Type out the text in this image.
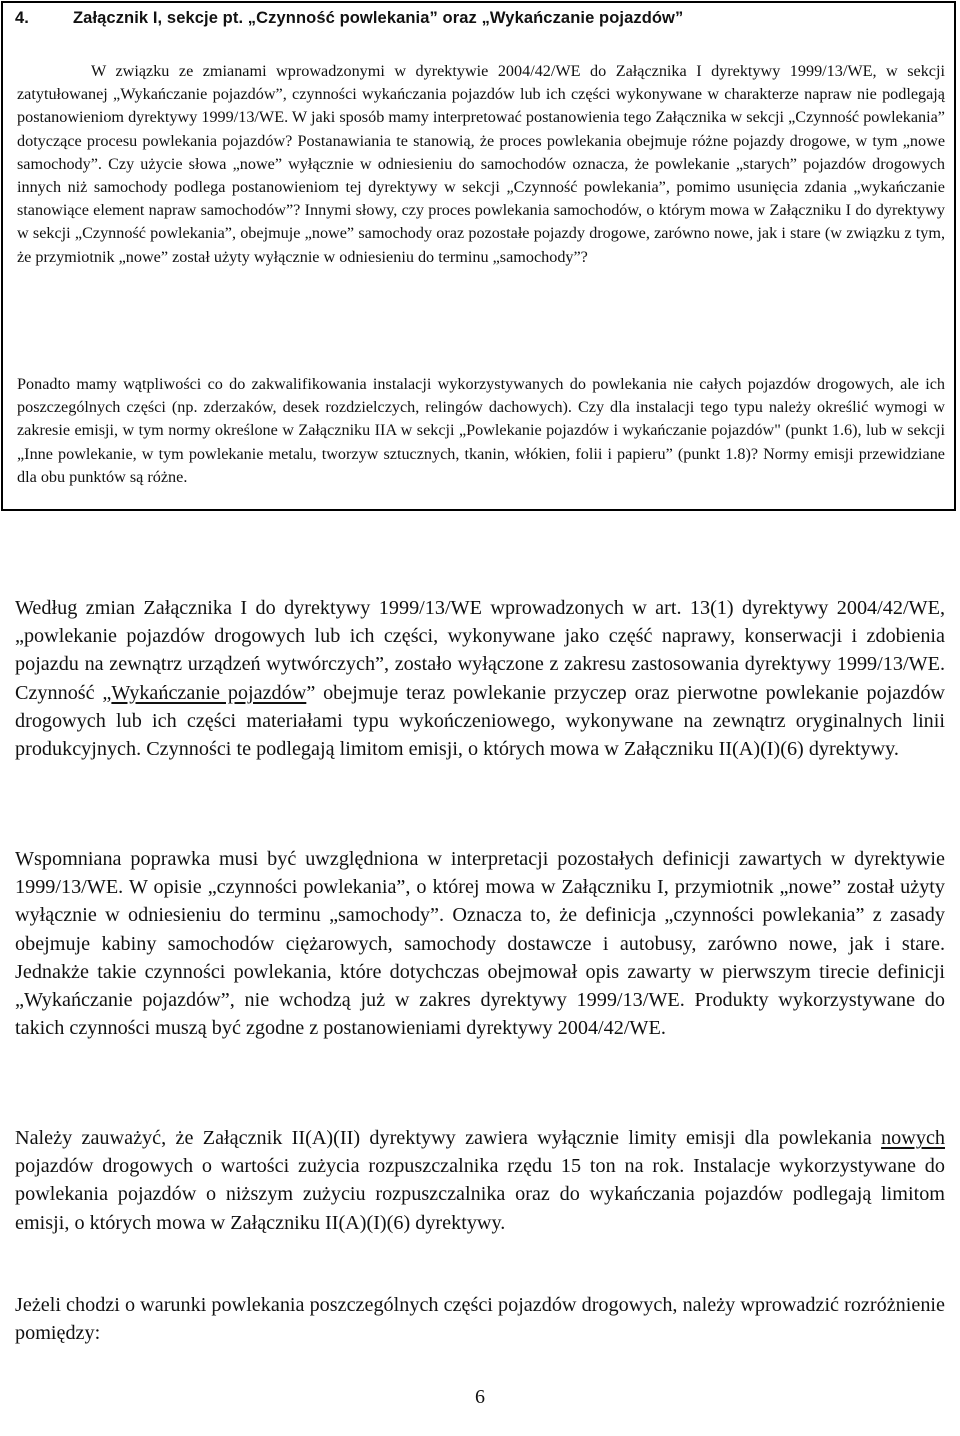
4.	Załącznik I, sekcje pt. „Czynność powlekania” oraz „Wykańczanie pojazdów”
W związku ze zmianami wprowadzonymi w dyrektywie 2004/42/WE do Załącznika I dyrektywy 1999/13/WE, w sekcji zatytułowanej „Wykańczanie pojazdów”, czynności wykańczania pojazdów lub ich części wykonywane w charakterze napraw nie podlegają postanowieniom dyrektywy 1999/13/WE. W jaki sposób mamy interpretować postanowienia tego Załącznika w sekcji „Czynność powlekania” dotyczące procesu powlekania pojazdów? Postanawiania te stanowią, że proces powlekania obejmuje różne pojazdy drogowe, w tym „nowe samochody”. Czy użycie słowa „nowe” wyłącznie w odniesieniu do samochodów oznacza, że powlekanie „starych” pojazdów drogowych innych niż samochody podlega postanowieniom tej dyrektywy w sekcji „Czynność powlekania”, pomimo usunięcia zdania „wykańczanie stanowiące element napraw samochodów”? Innymi słowy, czy proces powlekania samochodów, o którym mowa w Załączniku I do dyrektywy w sekcji „Czynność powlekania”, obejmuje „nowe” samochody oraz pozostałe pojazdy drogowe, zarówno nowe, jak i stare (w związku z tym, że przymiotnik „nowe” został użyty wyłącznie w odniesieniu do terminu „samochody”?
Ponadto mamy wątpliwości co do zakwalifikowania instalacji wykorzystywanych do powlekania nie całych pojazdów drogowych, ale ich poszczególnych części (np. zderzaków, desek rozdzielczych, relingów dachowych). Czy dla instalacji tego typu należy określić wymogi w zakresie emisji, w tym normy określone w Załączniku IIA w sekcji „Powlekanie pojazdów i wykańczanie pojazdów" (punkt 1.6), lub w sekcji „Inne powlekanie, w tym powlekanie metalu, tworzyw sztucznych, tkanin, włókien, folii i papieru” (punkt 1.8)? Normy emisji przewidziane dla obu punktów są różne.
Według zmian Załącznika I do dyrektywy 1999/13/WE wprowadzonych w art. 13(1) dyrektywy 2004/42/WE, „powlekanie pojazdów drogowych lub ich części, wykonywane jako część naprawy, konserwacji i zdobienia pojazdu na zewnątrz urządzeń wytwórczych”, zostało wyłączone z zakresu zastosowania dyrektywy 1999/13/WE. Czynność „Wykańczanie pojazdów” obejmuje teraz powlekanie przyczep oraz pierwotne powlekanie pojazdów drogowych lub ich części materiałami typu wykończeniowego, wykonywane na zewnątrz oryginalnych linii produkcyjnych. Czynności te podlegają limitom emisji, o których mowa w Załączniku II(A)(I)(6) dyrektywy.
Wspomniana poprawka musi być uwzględniona w interpretacji pozostałych definicji zawartych w dyrektywie 1999/13/WE. W opisie „czynności powlekania”, o której mowa w Załączniku I, przymiotnik „nowe” został użyty wyłącznie w odniesieniu do terminu „samochody”. Oznacza to, że definicja „czynności powlekania” z zasady obejmuje kabiny samochodów ciężarowych, samochody dostawcze i autobusy, zarówno nowe, jak i stare. Jednakże takie czynności powlekania, które dotychczas obejmował opis zawarty w pierwszym tirecie definicji „Wykańczanie pojazdów”, nie wchodzą już w zakres dyrektywy 1999/13/WE. Produkty wykorzystywane do takich czynności muszą być zgodne z postanowieniami dyrektywy 2004/42/WE.
Należy zauważyć, że Załącznik II(A)(II) dyrektywy zawiera wyłącznie limity emisji dla powlekania nowych pojazdów drogowych o wartości zużycia rozpuszczalnika rzędu 15 ton na rok. Instalacje wykorzystywane do powlekania pojazdów o niższym zużyciu rozpuszczalnika oraz do wykańczania pojazdów podlegają limitom emisji, o których mowa w Załączniku II(A)(I)(6) dyrektywy.
Jeżeli chodzi o warunki powlekania poszczególnych części pojazdów drogowych, należy wprowadzić rozróżnienie pomiędzy:
6
